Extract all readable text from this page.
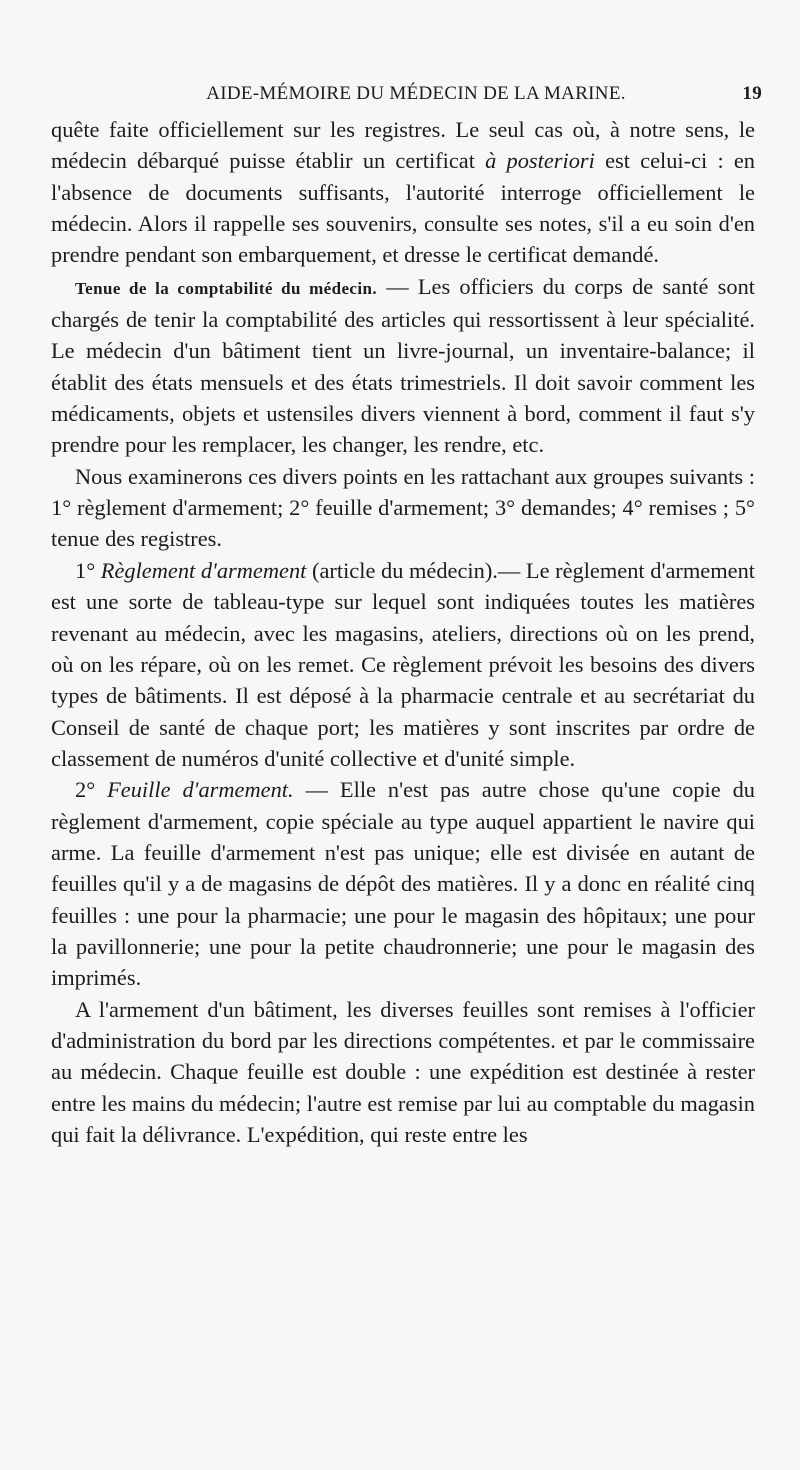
AIDE-MÉMOIRE DU MÉDECIN DE LA MARINE.	19

quête faite officiellement sur les registres. Le seul cas où, à notre sens, le médecin débarqué puisse établir un certificat à posteriori est celui-ci : en l'absence de documents suffisants, l'autorité interroge officiellement le médecin. Alors il rappelle ses souvenirs, consulte ses notes, s'il a eu soin d'en prendre pendant son embarquement, et dresse le certificat demandé.

Tenue de la comptabilité du médecin. — Les officiers du corps de santé sont chargés de tenir la comptabilité des articles qui ressortissent à leur spécialité. Le médecin d'un bâtiment tient un livre-journal, un inventaire-balance; il établit des états mensuels et des états trimestriels. Il doit savoir comment les médicaments, objets et ustensiles divers viennent à bord, comment il faut s'y prendre pour les remplacer, les changer, les rendre, etc.

Nous examinerons ces divers points en les rattachant aux groupes suivants : 1° règlement d'armement; 2° feuille d'armement; 3° demandes; 4° remises ; 5° tenue des registres.

1° Règlement d'armement (article du médecin).— Le règlement d'armement est une sorte de tableau-type sur lequel sont indiquées toutes les matières revenant au médecin, avec les magasins, ateliers, directions où on les prend, où on les répare, où on les remet. Ce règlement prévoit les besoins des divers types de bâtiments. Il est déposé à la pharmacie centrale et au secrétariat du Conseil de santé de chaque port; les matières y sont inscrites par ordre de classement de numéros d'unité collective et d'unité simple.

2° Feuille d'armement. — Elle n'est pas autre chose qu'une copie du règlement d'armement, copie spéciale au type auquel appartient le navire qui arme. La feuille d'armement n'est pas unique; elle est divisée en autant de feuilles qu'il y a de magasins de dépôt des matières. Il y a donc en réalité cinq feuilles : une pour la pharmacie; une pour le magasin des hôpitaux; une pour la pavillonnerie; une pour la petite chaudronnerie; une pour le magasin des imprimés.

A l'armement d'un bâtiment, les diverses feuilles sont remises à l'officier d'administration du bord par les directions compétentes. et par le commissaire au médecin. Chaque feuille est double : une expédition est destinée à rester entre les mains du médecin; l'autre est remise par lui au comptable du magasin qui fait la délivrance. L'expédition, qui reste entre les
